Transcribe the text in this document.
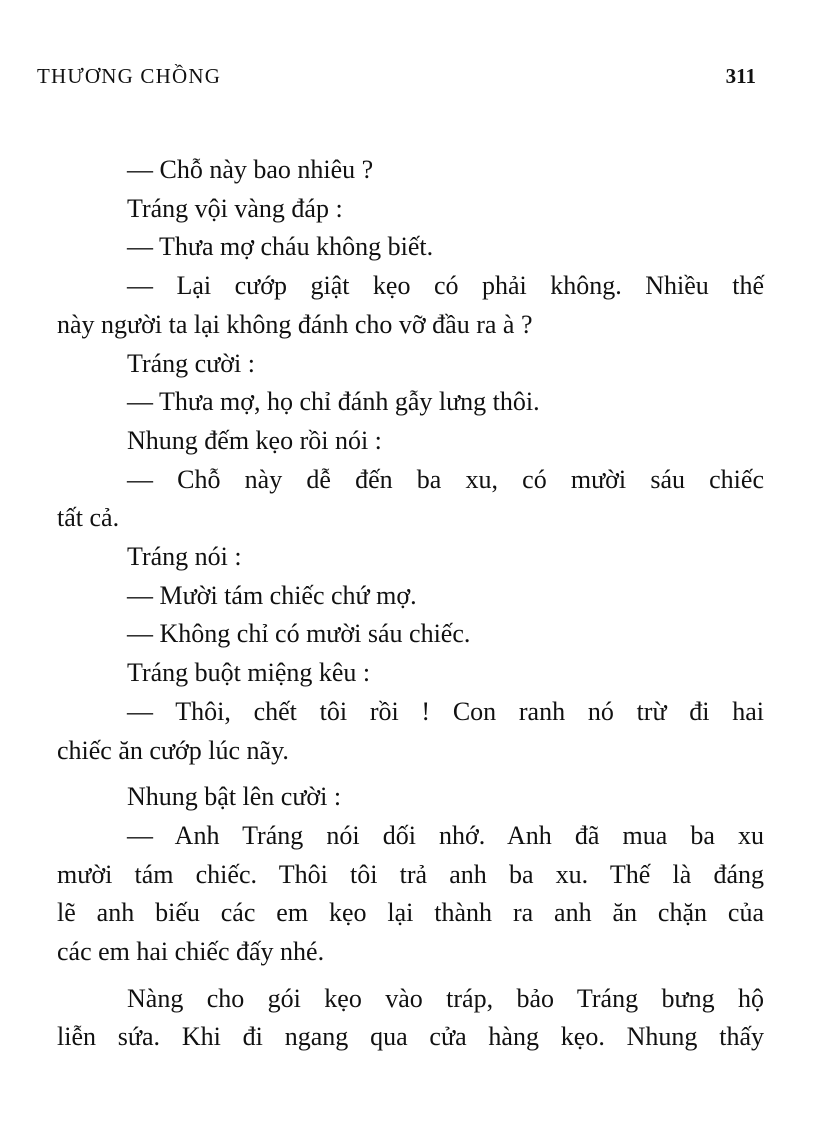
THƯƠNG CHỒNG	311
— Chỗ này bao nhiêu ?
Tráng vội vàng đáp :
— Thưa mợ cháu không biết.
— Lại cướp giật kẹo có phải không. Nhiều thế
này người ta lại không đánh cho vỡ đầu ra à ?
Tráng cười :
— Thưa mợ, họ chỉ đánh gẫy lưng thôi.
Nhung đếm kẹo rồi nói :
— Chỗ này dễ đến ba xu, có mười sáu chiếc
tất cả.
Tráng nói :
— Mười tám chiếc chứ mợ.
— Không chỉ có mười sáu chiếc.
Tráng buột miệng kêu :
— Thôi, chết tôi rồi ! Con ranh nó trừ đi hai
chiếc ăn cướp lúc nãy.
Nhung bật lên cười :
— Anh Tráng nói dối nhớ. Anh đã mua ba xu
mười tám chiếc. Thôi tôi trả anh ba xu. Thế là đáng
lẽ anh biếu các em kẹo lại thành ra anh ăn chặn của
các em hai chiếc đấy nhé.
Nàng cho gói kẹo vào tráp, bảo Tráng bưng hộ
liễn sứa. Khi đi ngang qua cửa hàng kẹo. Nhung thấy
